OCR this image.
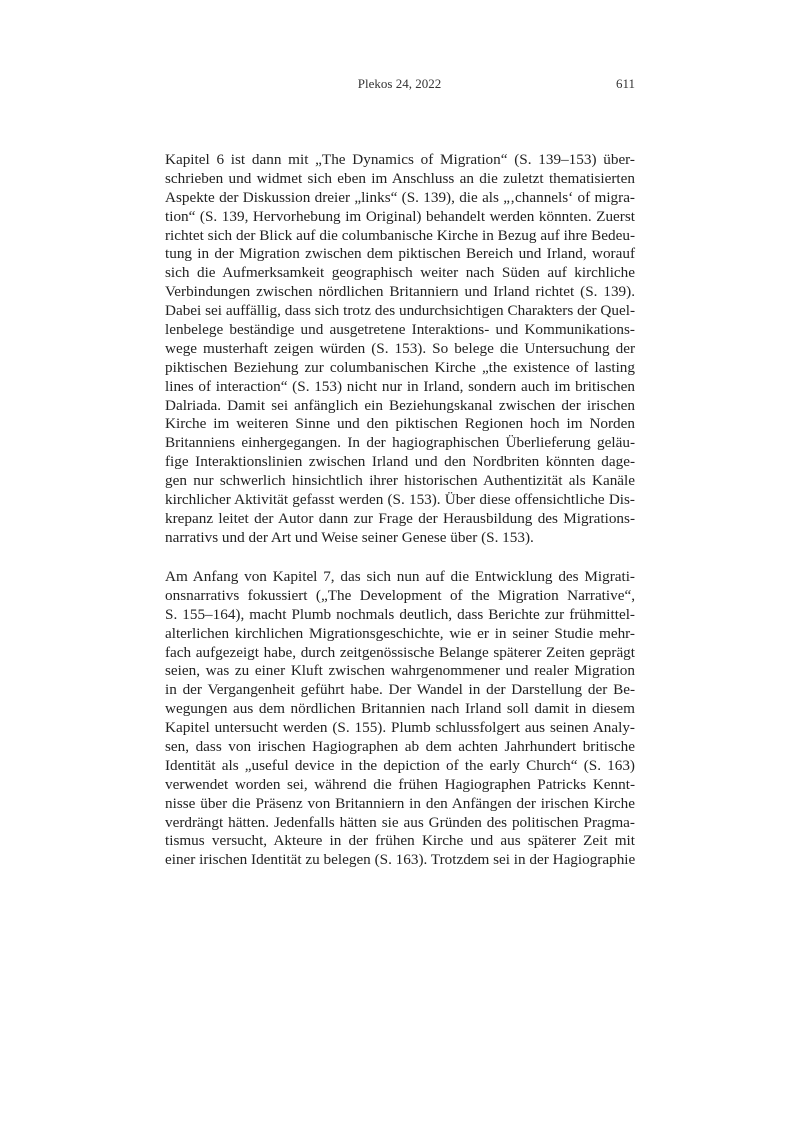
Plekos 24, 2022	611
Kapitel 6 ist dann mit „The Dynamics of Migration“ (S. 139–153) über-
schrieben und widmet sich eben im Anschluss an die zuletzt thematisierten
Aspekte der Diskussion dreier „links“ (S. 139), die als „‚channels‘ of migra-
tion“ (S. 139, Hervorhebung im Original) behandelt werden könnten. Zuerst
richtet sich der Blick auf die columbanische Kirche in Bezug auf ihre Bedeu-
tung in der Migration zwischen dem piktischen Bereich und Irland, worauf
sich die Aufmerksamkeit geographisch weiter nach Süden auf kirchliche
Verbindungen zwischen nördlichen Britanniern und Irland richtet (S. 139).
Dabei sei auffällig, dass sich trotz des undurchsichtigen Charakters der Quel-
lenbelege beständige und ausgetretene Interaktions- und Kommunikations-
wege musterhaft zeigen würden (S. 153). So belege die Untersuchung der
piktischen Beziehung zur columbanischen Kirche „the existence of lasting
lines of interaction“ (S. 153) nicht nur in Irland, sondern auch im britischen
Dalriada. Damit sei anfänglich ein Beziehungskanal zwischen der irischen
Kirche im weiteren Sinne und den piktischen Regionen hoch im Norden
Britanniens einhergegangen. In der hagiographischen Überlieferung geläu-
fige Interaktionslinien zwischen Irland und den Nordbriten könnten dage-
gen nur schwerlich hinsichtlich ihrer historischen Authentizität als Kanäle
kirchlicher Aktivität gefasst werden (S. 153). Über diese offensichtliche Dis-
krepanz leitet der Autor dann zur Frage der Herausbildung des Migrations-
narrativs und der Art und Weise seiner Genese über (S. 153).
Am Anfang von Kapitel 7, das sich nun auf die Entwicklung des Migrati-
onsnarrativs fokussiert („The Development of the Migration Narrative“,
S. 155–164), macht Plumb nochmals deutlich, dass Berichte zur frühmittel-
alterlichen kirchlichen Migrationsgeschichte, wie er in seiner Studie mehr-
fach aufgezeigt habe, durch zeitgenössische Belange späterer Zeiten geprägt
seien, was zu einer Kluft zwischen wahrgenommener und realer Migration
in der Vergangenheit geführt habe. Der Wandel in der Darstellung der Be-
wegungen aus dem nördlichen Britannien nach Irland soll damit in diesem
Kapitel untersucht werden (S. 155). Plumb schlussfolgert aus seinen Analy-
sen, dass von irischen Hagiographen ab dem achten Jahrhundert britische
Identität als „useful device in the depiction of the early Church“ (S. 163)
verwendet worden sei, während die frühen Hagiographen Patricks Kennt-
nisse über die Präsenz von Britanniern in den Anfängen der irischen Kirche
verdrängt hätten. Jedenfalls hätten sie aus Gründen des politischen Pragma-
tismus versucht, Akteure in der frühen Kirche und aus späterer Zeit mit
einer irischen Identität zu belegen (S. 163). Trotzdem sei in der Hagiographie
